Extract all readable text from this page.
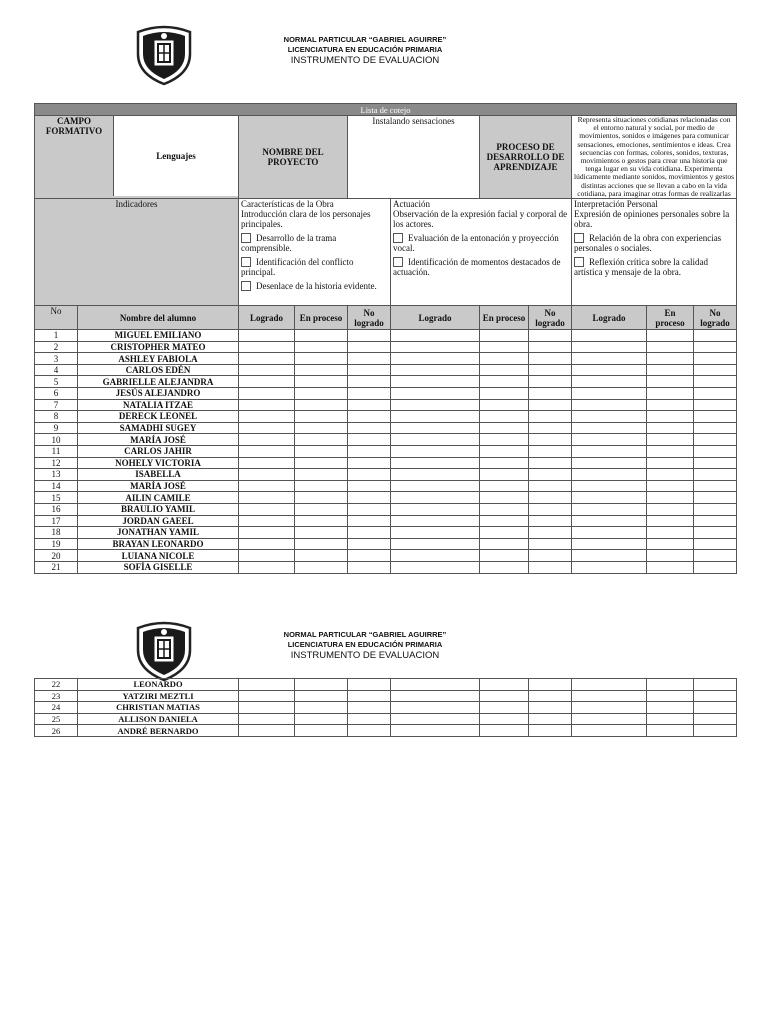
NORMAL PARTICULAR “GABRIEL AGUIRRE”
LICENCIATURA EN EDUCACIÓN PRIMARIA
INSTRUMENTO DE EVALUACION
Lista de cotejo

CAMPO FORMATIVO	Lenguajes
		NOMBRE DEL PROYECTO	Instalando sensaciones	PROCESO DE DESARROLLO DE APRENDIZAJE	Representa situaciones cotidianas relacionadas con el entorno natural y social, por medio de movimientos, sonidos e imágenes para comunicar sensaciones, emociones, sentimientos e ideas. Crea secuencias con formas, colores, sonidos, texturas, movimientos o gestos para crear una historia que tenga lugar en su vida cotidiana. Experimenta lúdicamente mediante sonidos, movimientos y gestos distintas acciones que se llevan a cabo en la vida cotidiana, para imaginar otras formas de realizarlas
Indicadores	Características de la Obra
Introducción clara de los personajes principales.
Desarrollo de la trama comprensible.
Identificación del conflicto principal.
Desenlace de la historia evidente.

Actuación
Observación de la expresión facial y corporal de los actores.
Evaluación de la entonación y proyección vocal.
Identificación de momentos destacados de actuación.

Interpretación Personal
Expresión de opiniones personales sobre la obra.
Relación de la obra con experiencias personales o sociales.
Reflexión crítica sobre la calidad artística y mensaje de la obra.

No	Nombre del alumno	Logrado	En proceso	No logrado	Logrado	En proceso	No logrado	Logrado	En proceso	No logrado
1	MIGUEL EMILIANO									
2	CRISTOPHER MATEO									
3	ASHLEY FABIOLA									
4	CARLOS EDÉN									
5	GABRIELLE ALEJANDRA									
6	JESÚS ALEJANDRO									
7	NATALIA ITZAE									
8	DERECK LEONEL									
9	SAMADHI SUGEY									
10	MARÍA JOSÉ									
11	CARLOS JAHIR									
12	NOHELY VICTORIA									
13	ISABELLA									
14	MARÍA JOSÉ									
15	AILIN CAMILE									
16	BRAULIO YAMIL									
17	JORDAN GAEEL									
18	JONATHAN YAMIL									
19	BRAYAN LEONARDO									
20	LUIANA NICOLE									
21	SOFÍA GISELLE									
NORMAL PARTICULAR “GABRIEL AGUIRRE”
LICENCIATURA EN EDUCACIÓN PRIMARIA
INSTRUMENTO DE EVALUACION
22	LEONARDO									
23	YATZIRI MEZTLI									
24	CHRISTIAN MATIAS									
25	ALLISON DANIELA									
26	ANDRÉ BERNARDO									
